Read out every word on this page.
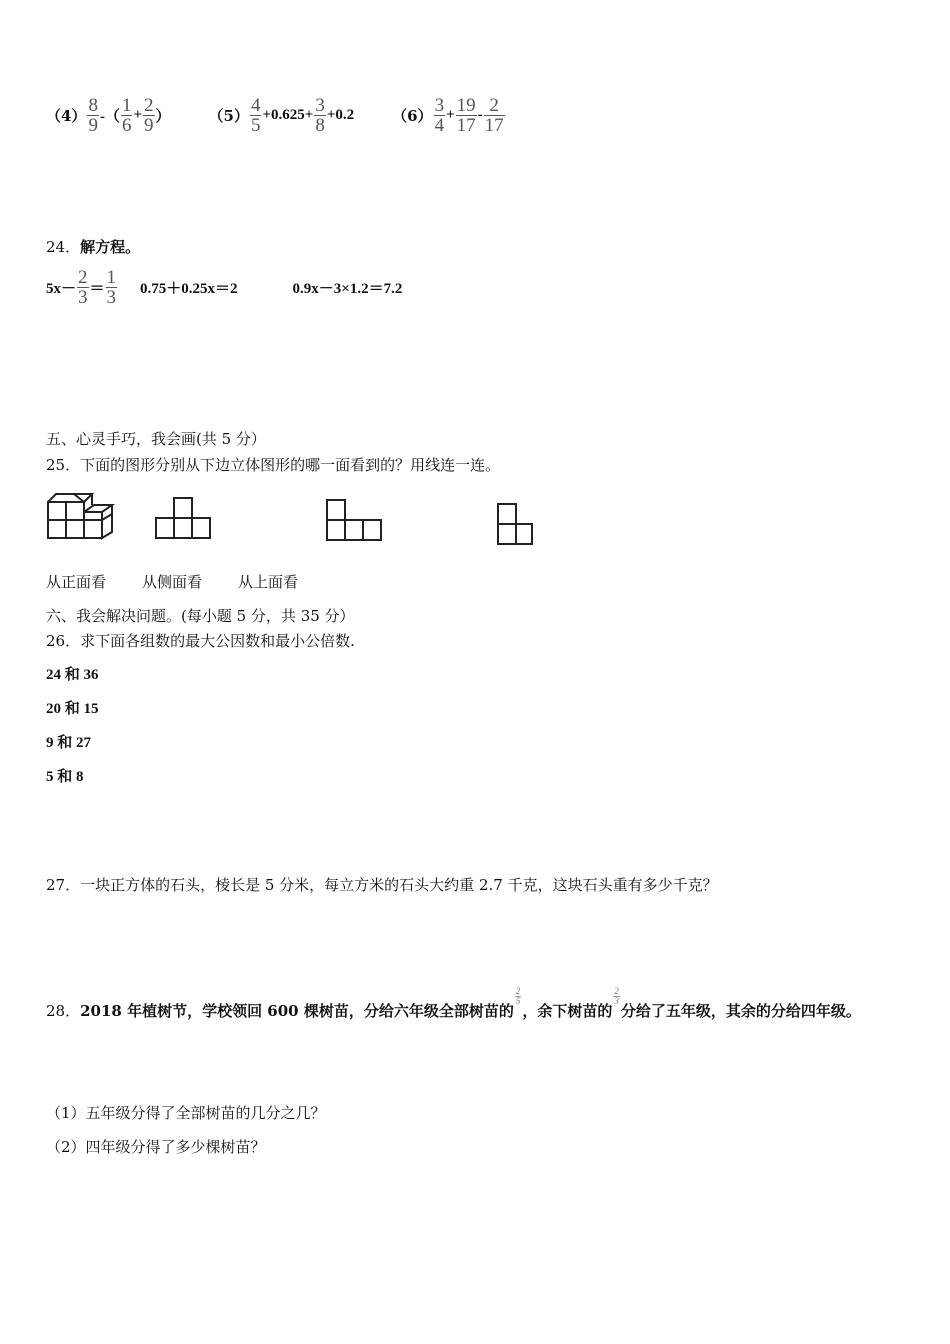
$(4) \frac{8}{9}$ -（ $\frac{1}{6} + \frac{2}{9}$ ）	$(5) \frac{4}{5} +0.625+ \frac{3}{8} +0.2$	$(6) \frac{3}{4} + \frac{19}{17} - \frac{2}{17}$
24．解方程。
$5x- \frac{2}{3} = \frac{1}{3} 0.75+0.25x=2$	0.9x－3×1.2＝7.2
五、心灵手巧，我会画(共 5 分）
25．下面的图形分别从下边立体图形的哪一面看到的？用线连一连。
从正面看 从侧面看 从上面看
六、我会解决问题。(每小题 5 分，共 35 分）
26．求下面各组数的最大公因数和最小公倍数.
24 和 36
20 和 15
9 和 27
5 和 8
27．一块正方体的石头，棱长是 5 分米，每立方米的石头大约重 2.7 千克，这块石头重有多少千克？
28． 2018 年植树节，学校领回 600 棵树苗，分给六年级全部树苗的
$\frac{2}{5}$
，余下树苗的
$\frac{2}{3}$
分给了五年级，其余的分给四年级。
（1）五年级分得了全部树苗的几分之几？
（2）四年级分得了多少棵树苗？
